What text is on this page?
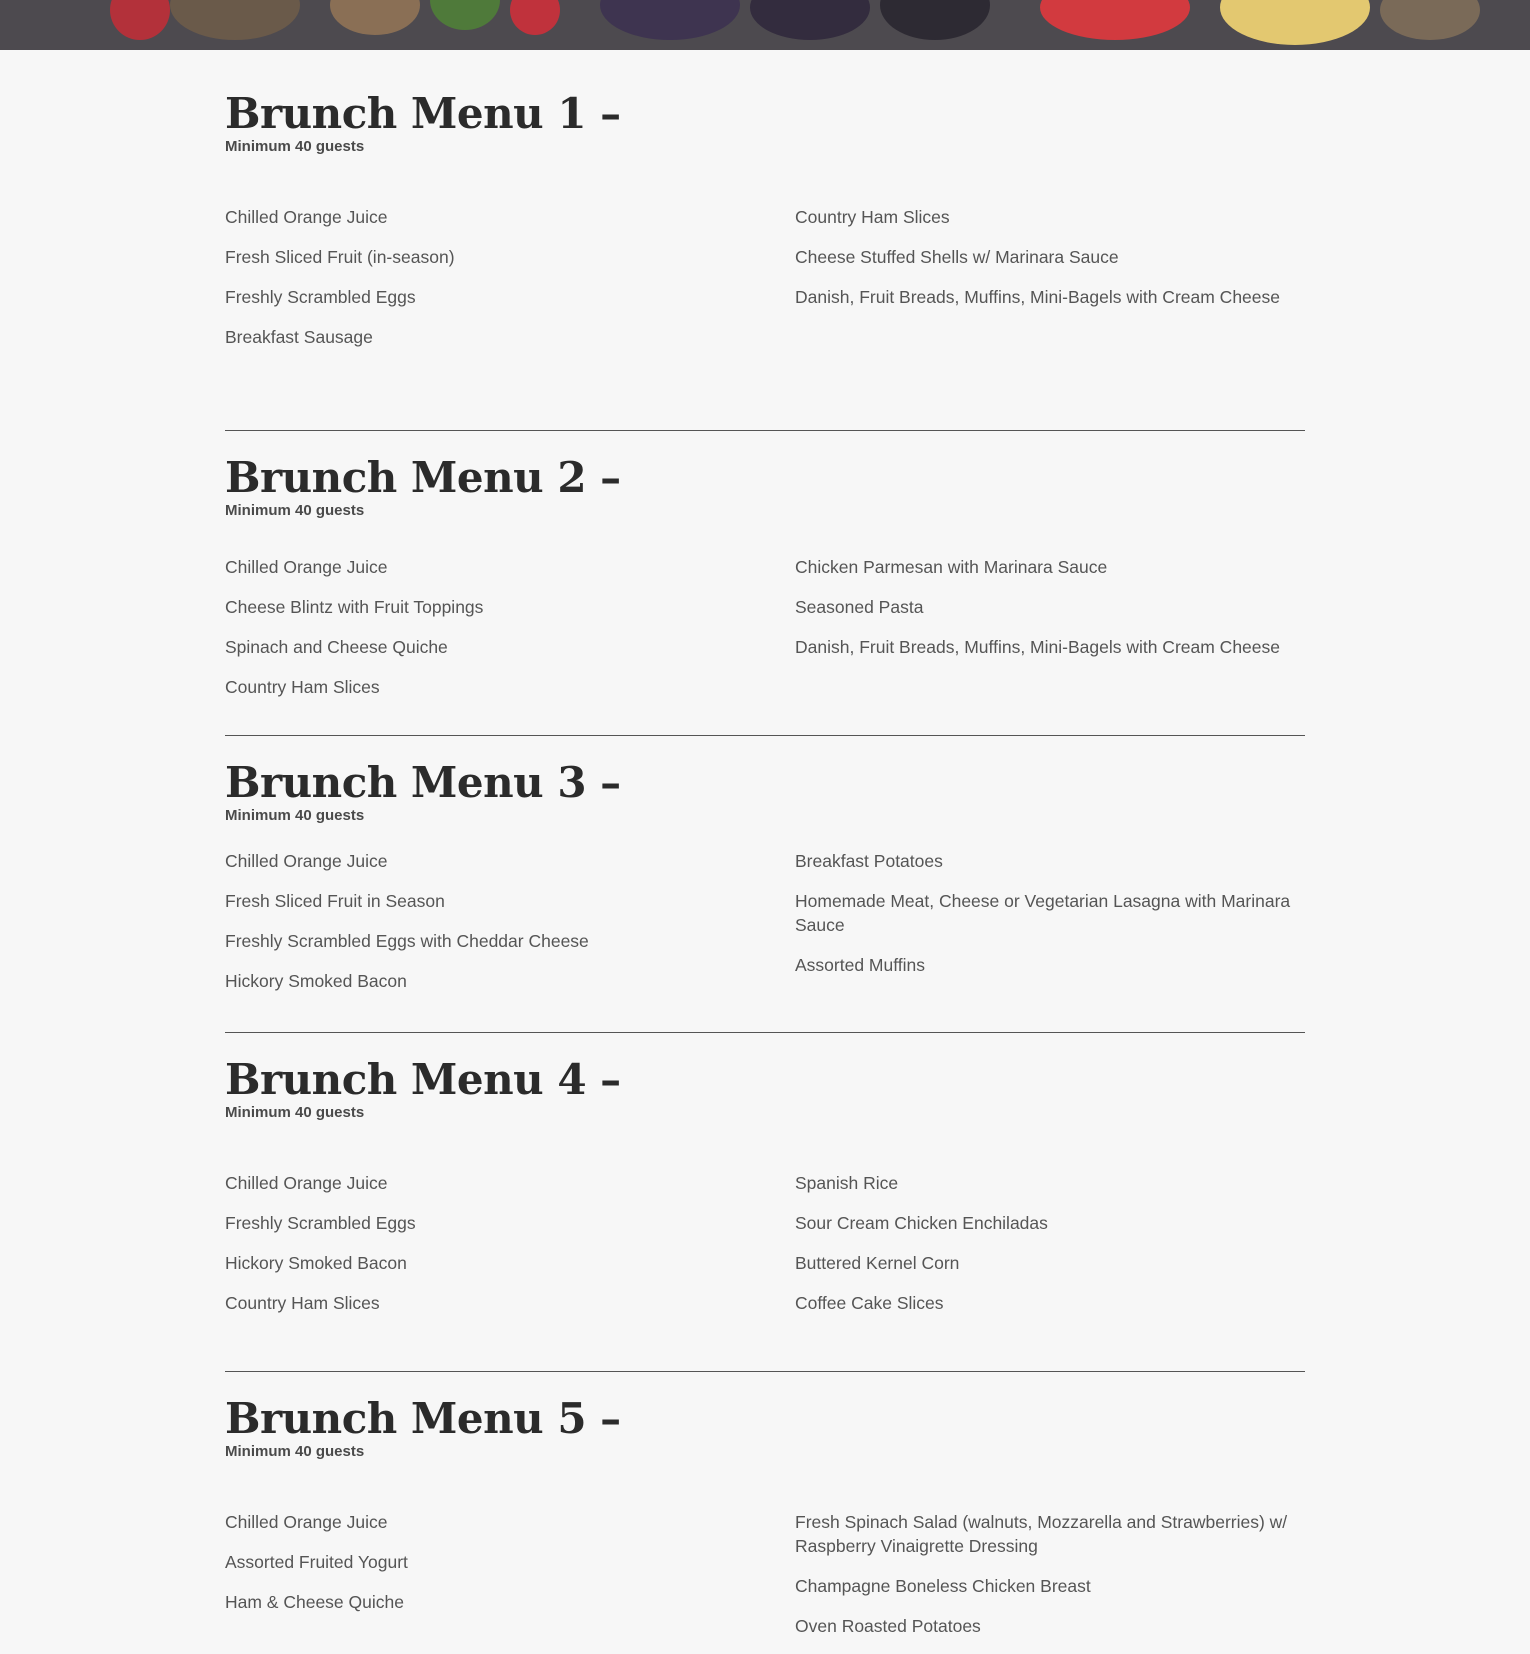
Brunch Menu 1 –

Minimum 40 guests

Chilled Orange Juice

Fresh Sliced Fruit (in-season)

Freshly Scrambled Eggs

Breakfast Sausage

Country Ham Slices

Cheese Stuffed Shells w/ Marinara Sauce

Danish, Fruit Breads, Muffins, Mini-Bagels with Cream Cheese

Brunch Menu 2 –

Minimum 40 guests

Chilled Orange Juice

Cheese Blintz with Fruit Toppings

Spinach and Cheese Quiche

Country Ham Slices

Chicken Parmesan with Marinara Sauce

Seasoned Pasta

Danish, Fruit Breads, Muffins, Mini-Bagels with Cream Cheese

Brunch Menu 3 –

Minimum 40 guests

Chilled Orange Juice

Fresh Sliced Fruit in Season

Freshly Scrambled Eggs with Cheddar Cheese

Hickory Smoked Bacon

Breakfast Potatoes

Homemade Meat, Cheese or Vegetarian Lasagna with Marinara Sauce

Assorted Muffins

Brunch Menu 4 –

Minimum 40 guests

Chilled Orange Juice

Freshly Scrambled Eggs

Hickory Smoked Bacon

Country Ham Slices

Spanish Rice

Sour Cream Chicken Enchiladas

Buttered Kernel Corn

Coffee Cake Slices

Brunch Menu 5 –

Minimum 40 guests

Chilled Orange Juice

Assorted Fruited Yogurt

Ham & Cheese Quiche

Fresh Spinach Salad (walnuts, Mozzarella and Strawberries) w/ Raspberry Vinaigrette Dressing

Champagne Boneless Chicken Breast

Oven Roasted Potatoes
